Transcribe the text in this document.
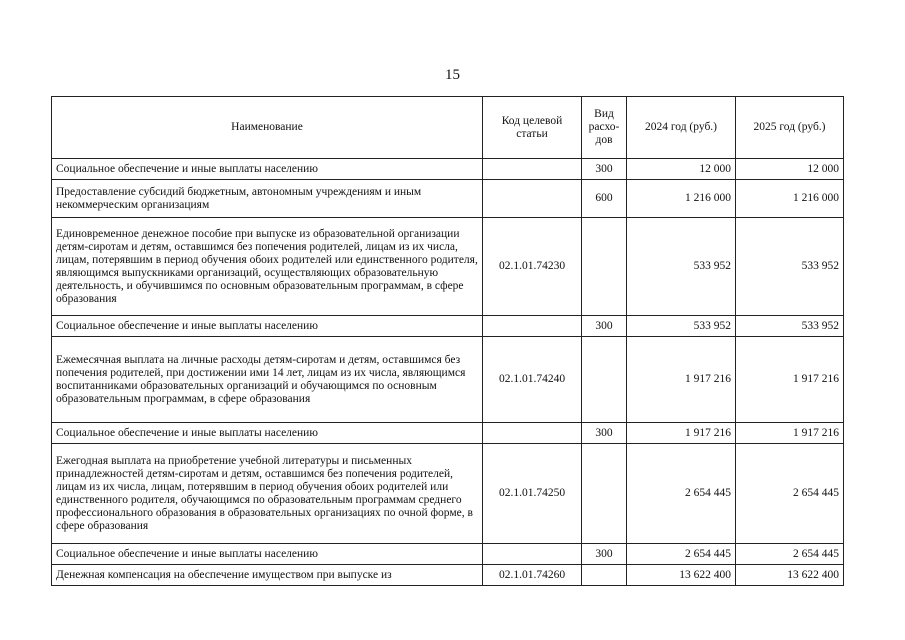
15
Наименование	Код целевой статьи	Вид расхо-дов	2024 год (руб.)	2025 год (руб.)
Социальное обеспечение и иные выплаты населению		300	12 000	12 000
Предоставление субсидий бюджетным, автономным учреждениям и иным некоммерческим организациям		600	1 216 000	1 216 000
Единовременное денежное пособие при выпуске из образовательной организации детям-сиротам и детям, оставшимся без попечения родителей, лицам из их числа, лицам, потерявшим в период обучения обоих родителей или единственного родителя, являющимся выпускниками организаций, осуществляющих образовательную деятельность, и обучившимся по основным образовательным программам, в сфере образования	02.1.01.74230		533 952	533 952
Социальное обеспечение и иные выплаты населению		300	533 952	533 952
Ежемесячная выплата на личные расходы детям-сиротам и детям, оставшимся без попечения родителей, при достижении ими 14 лет, лицам из их числа, являющимся воспитанниками образовательных организаций и обучающимся по основным образовательным программам, в сфере образования	02.1.01.74240		1 917 216	1 917 216
Социальное обеспечение и иные выплаты населению		300	1 917 216	1 917 216
Ежегодная выплата на приобретение учебной литературы и письменных принадлежностей детям-сиротам и детям, оставшимся без попечения родителей, лицам из их числа, лицам, потерявшим в период обучения обоих родителей или единственного родителя, обучающимся по образовательным программам среднего профессионального образования в образовательных организациях по очной форме, в сфере образования	02.1.01.74250		2 654 445	2 654 445
Социальное обеспечение и иные выплаты населению		300	2 654 445	2 654 445
Денежная компенсация на обеспечение имуществом при выпуске из	02.1.01.74260		13 622 400	13 622 400
